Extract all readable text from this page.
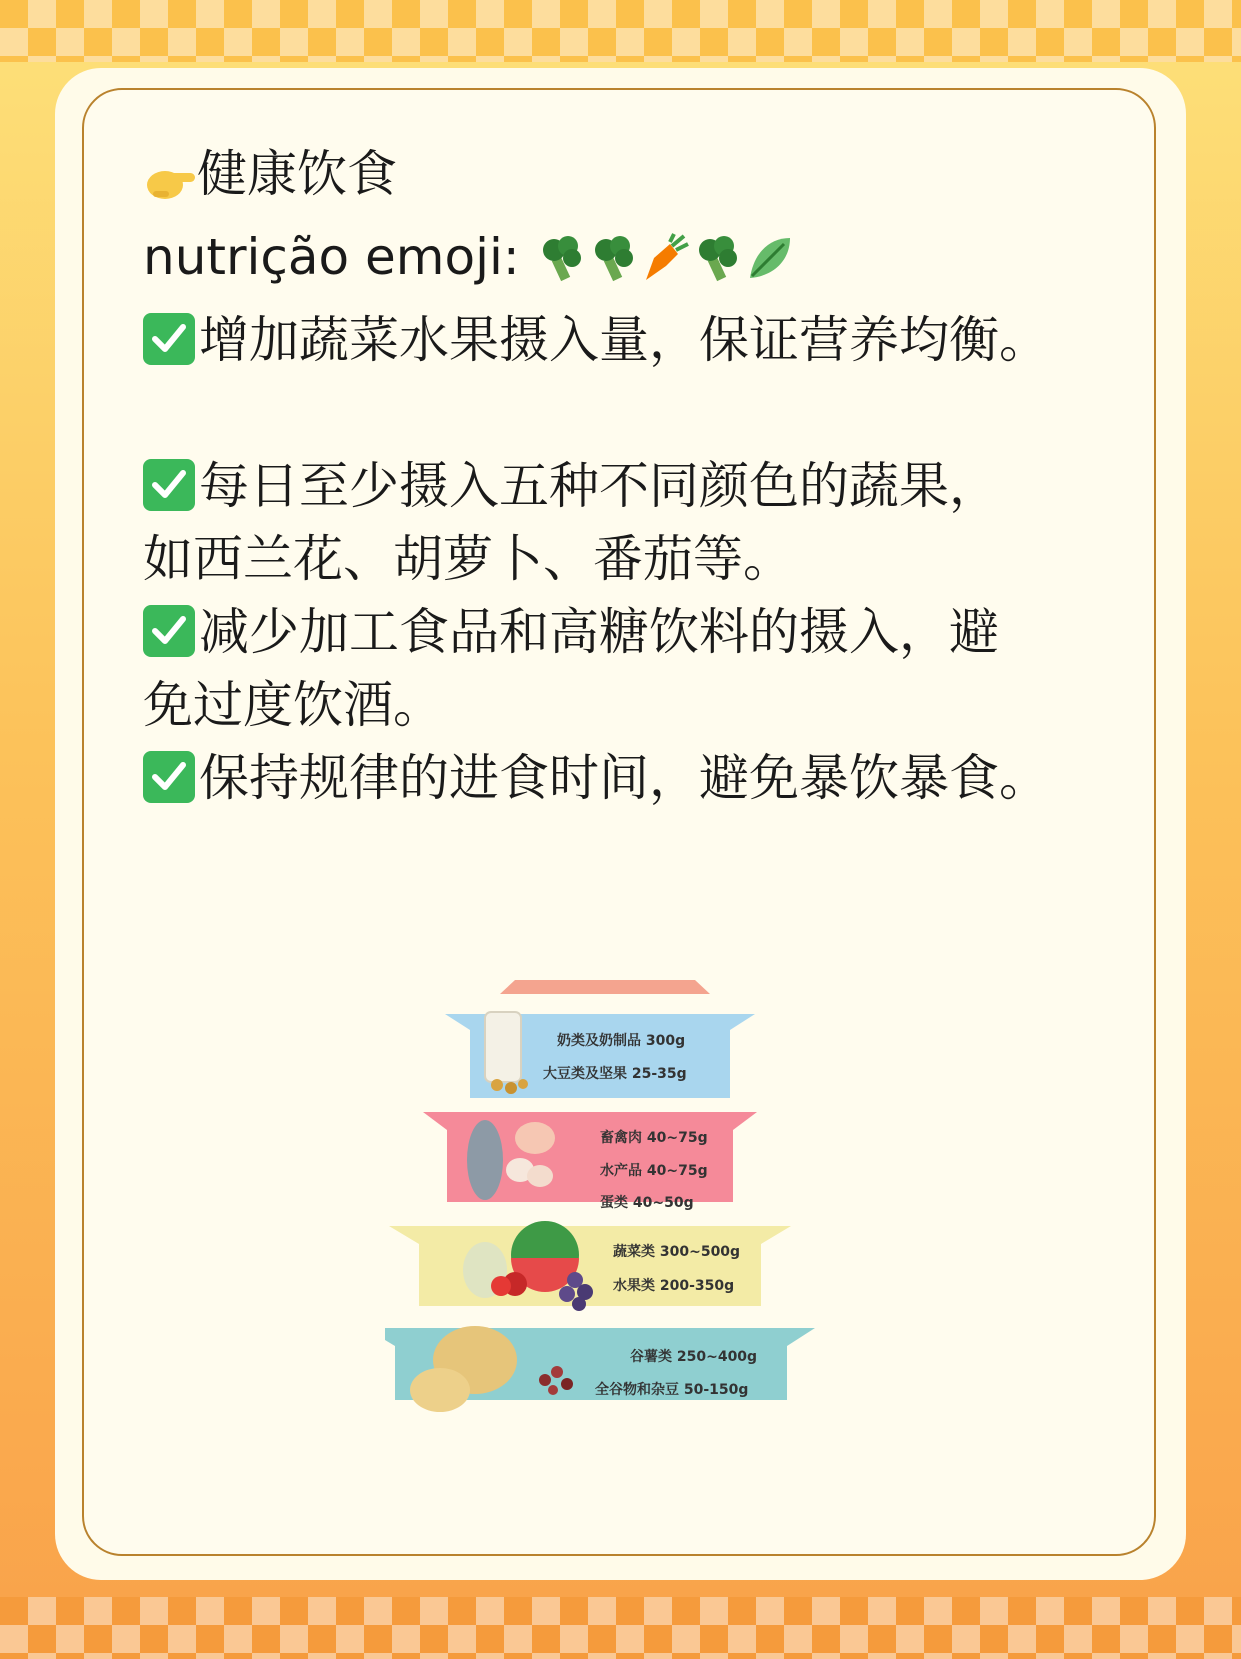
健康饮食
nutrição emoji:
增加蔬菜水果摄入量，保证营养均衡。
每日至少摄入五种不同颜色的蔬果，
如西兰花、胡萝卜、番茄等。
减少加工食品和高糖饮料的摄入，避
免过度饮酒。
保持规律的进食时间，避免暴饮暴食。
奶类及奶制品 300g
大豆类及坚果 25-35g
畜禽肉 40~75g
水产品 40~75g
蛋类 40~50g
蔬菜类 300~500g
水果类 200-350g
谷薯类 250~400g
全谷物和杂豆 50-150g
